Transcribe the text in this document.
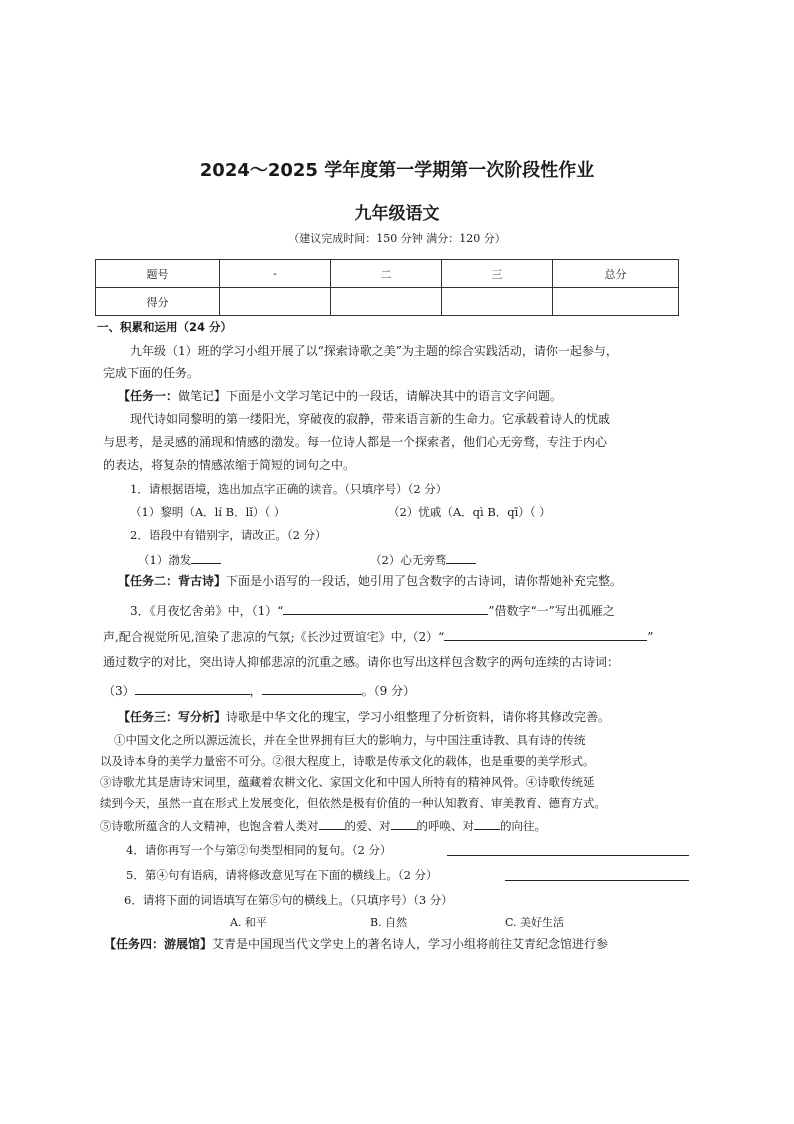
2024～2025 学年度第一学期第一次阶段性作业
九年级语文
（建议完成时间：150 分钟 满分：120 分）
题号	-	二	三	总分
得分				
一、积累和运用（24 分）
九年级（1）班的学习小组开展了以“探索诗歌之美”为主题的综合实践活动，请你一起参与，
完成下面的任务。
【任务一：做笔记】下面是小文学习笔记中的一段话，请解决其中的语言文字问题。
现代诗如同黎明的第一缕阳光，穿破夜的寂静，带来语言新的生命力。它承载着诗人的忧戚
与思考，是灵感的涌现和情感的渤发。每一位诗人都是一个探索者，他们心无旁骛，专注于内心
的表达，将复杂的情感浓缩于简短的词句之中。
1．请根据语境，选出加点字正确的读音。（只填序号）（2 分）
（1）黎明（A．lí B．lǐ）（ ）	（2）忧戚（A．qì B．qī）（ ）
2．语段中有错别字，请改正。（2 分）
（1）渤发	（2）心无旁骛
【任务二：背古诗】下面是小语写的一段话，她引用了包含数字的古诗词，请你帮她补充完整。
3．《月夜忆舍弟》中，（1）“	”借数字“一”写出孤雁之
声,配合视觉所见,渲染了悲凉的气氛;《长沙过贾谊宅》中,（2）“	”
通过数字的对比，突出诗人抑郁悲凉的沉重之感。请你也写出这样包含数字的两句连续的古诗词：
（3）	，	。（9 分）
【任务三：写分析】诗歌是中华文化的瑰宝，学习小组整理了分析资料，请你将其修改完善。
①中国文化之所以源远流长，并在全世界拥有巨大的影响力，与中国注重诗教、具有诗的传统
以及诗本身的美学力量密不可分。②很大程度上，诗歌是传承文化的载体，也是重要的美学形式。
③诗歌尤其是唐诗宋词里，蕴藏着农耕文化、家国文化和中国人所特有的精神风骨。④诗歌传统延
续到今天，虽然一直在形式上发展变化，但依然是极有价值的一种认知教育、审美教育、德育方式。
⑤诗歌所蕴含的人文精神，也饱含着人类对 的爱、对 的呼唤、对 的向往。
4．请你再写一个与第②句类型相同的复句。（2 分）
5．第④句有语病，请将修改意见写在下面的横线上。（2 分）
6．请将下面的词语填写在第⑤句的横线上。（只填序号）（3 分）
A. 和平	B. 自然	C. 美好生活
【任务四：游展馆】艾青是中国现当代文学史上的著名诗人，学习小组将前往艾青纪念馆进行参
